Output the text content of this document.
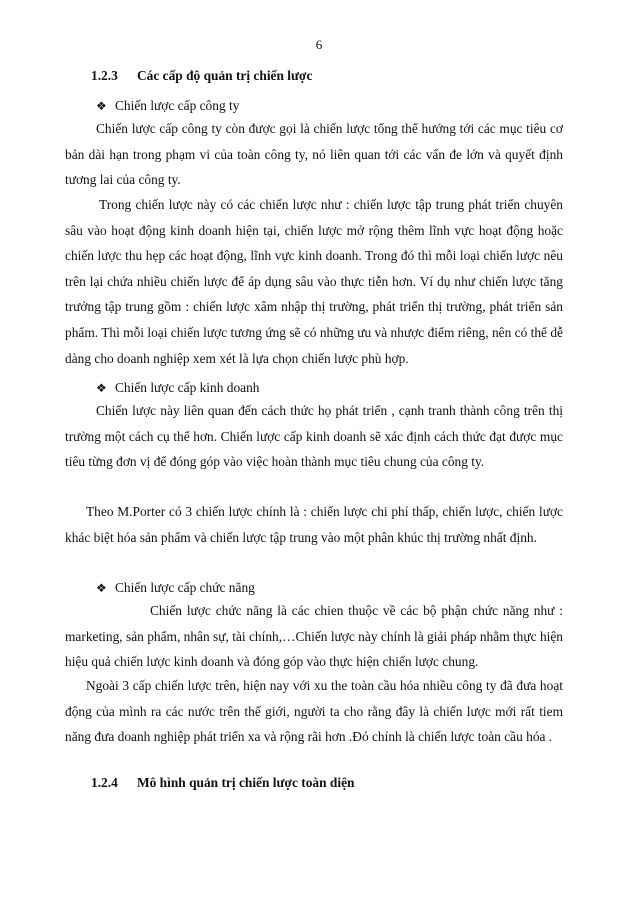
6
1.2.3 Các cấp độ quản trị chiến lược
❖ Chiến lược cấp công ty

Chiến lược cấp công ty còn được gọi là chiến lược tổng thể hướng tới các mục tiêu cơ bản dài hạn trong phạm vi của toàn công ty, nó liên quan tới các vấn đe lớn và quyết định tương lai của công ty.

Trong chiến lược này có các chiến lược như : chiến lược tập trung phát triển chuyên sâu vào hoạt động kinh doanh hiện tại, chiến lược mở rộng thêm lĩnh vực hoạt động hoặc chiến lược thu hẹp các hoạt động, lĩnh vực kinh doanh. Trong đó thì mỗi loại chiến lược nêu trên lại chứa nhiều chiến lược để áp dụng sâu vào thực tiễn hơn. Ví dụ như chiến lược tăng trưởng tập trung gồm : chiến lược xâm nhập thị trường, phát triển thị trường, phát triển sản phẩm. Thì mỗi loại chiến lược tương ứng sẽ có những ưu và nhược điểm riêng, nên có thể dễ dàng cho doanh nghiệp xem xét là lựa chọn chiến lược phù hợp.

❖ Chiến lược cấp kinh doanh

Chiến lược này liên quan đến cách thức họ phát triển , cạnh tranh thành công trên thị trường một cách cụ thể hơn. Chiến lược cấp kinh doanh sẽ xác định cách thức đạt được mục tiêu từng đơn vị để đóng góp vào việc hoàn thành mục tiêu chung của công ty.

Theo M.Porter có 3 chiến lược chính là : chiến lược chi phí thấp, chiến lược, chiến lược khác biệt hóa sản phẩm và chiến lược tập trung vào một phân khúc thị trường nhất định.

❖ Chiến lược cấp chức năng

Chiến lược chức năng là các chien thuộc về các bộ phận chức năng như : marketing, sản phẩm, nhân sự, tài chính,…Chiến lược này chính là giải pháp nhằm thực hiện hiệu quả chiến lược kinh doanh và đóng góp vào thực hiện chiến lược chung.

Ngoài 3 cấp chiến lược trên, hiện nay với xu the toàn cầu hóa nhiều công ty đã đưa hoạt động của mình ra các nước trên thế giới, người ta cho rằng đây là chiến lược mới rất tiem năng đưa doanh nghiệp phát triển xa và rộng rãi hơn .Đó chính là chiến lược toàn cầu hóa .

1.2.4 Mô hình quản trị chiến lược toàn diện
